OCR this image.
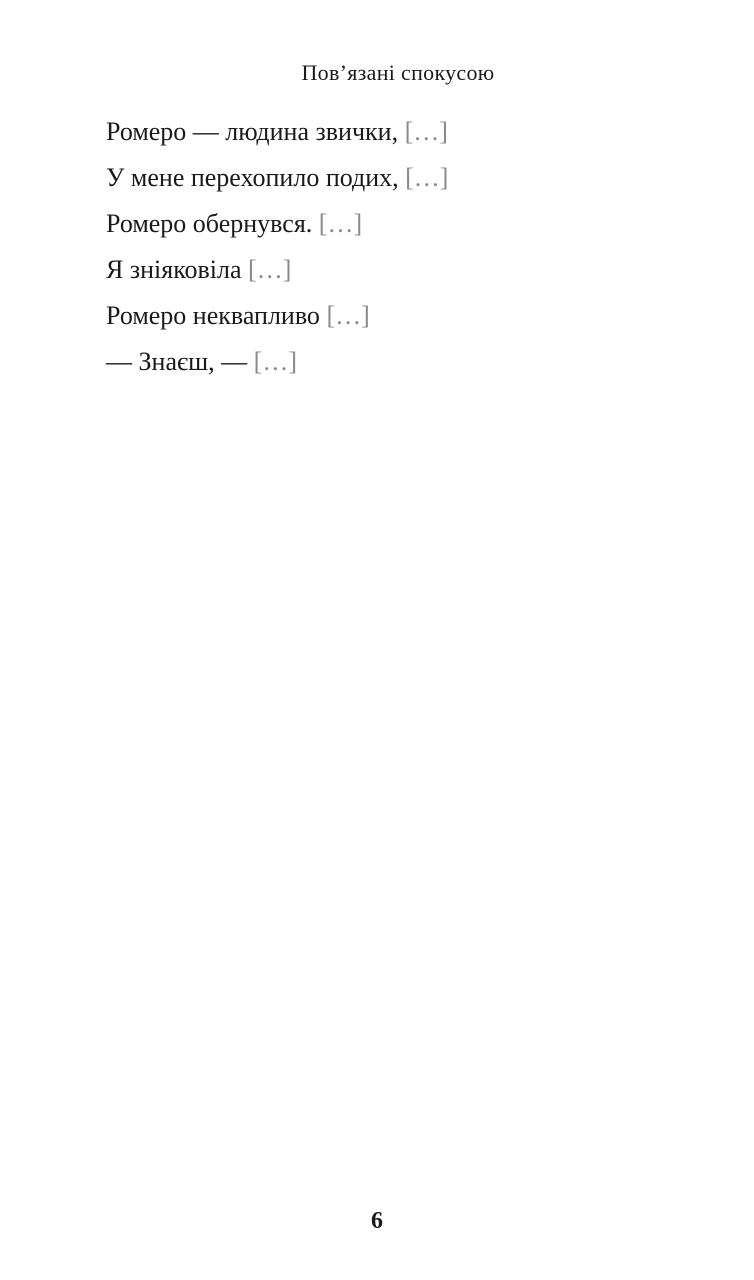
Пов’язані спокусою

Ромеро — людина звички, […]

У мене перехопило подих, […]

Ромеро обернувся. […]

Я зніяковіла […]

Ромеро неквапливо […]

— Знаєш, — […]

6
